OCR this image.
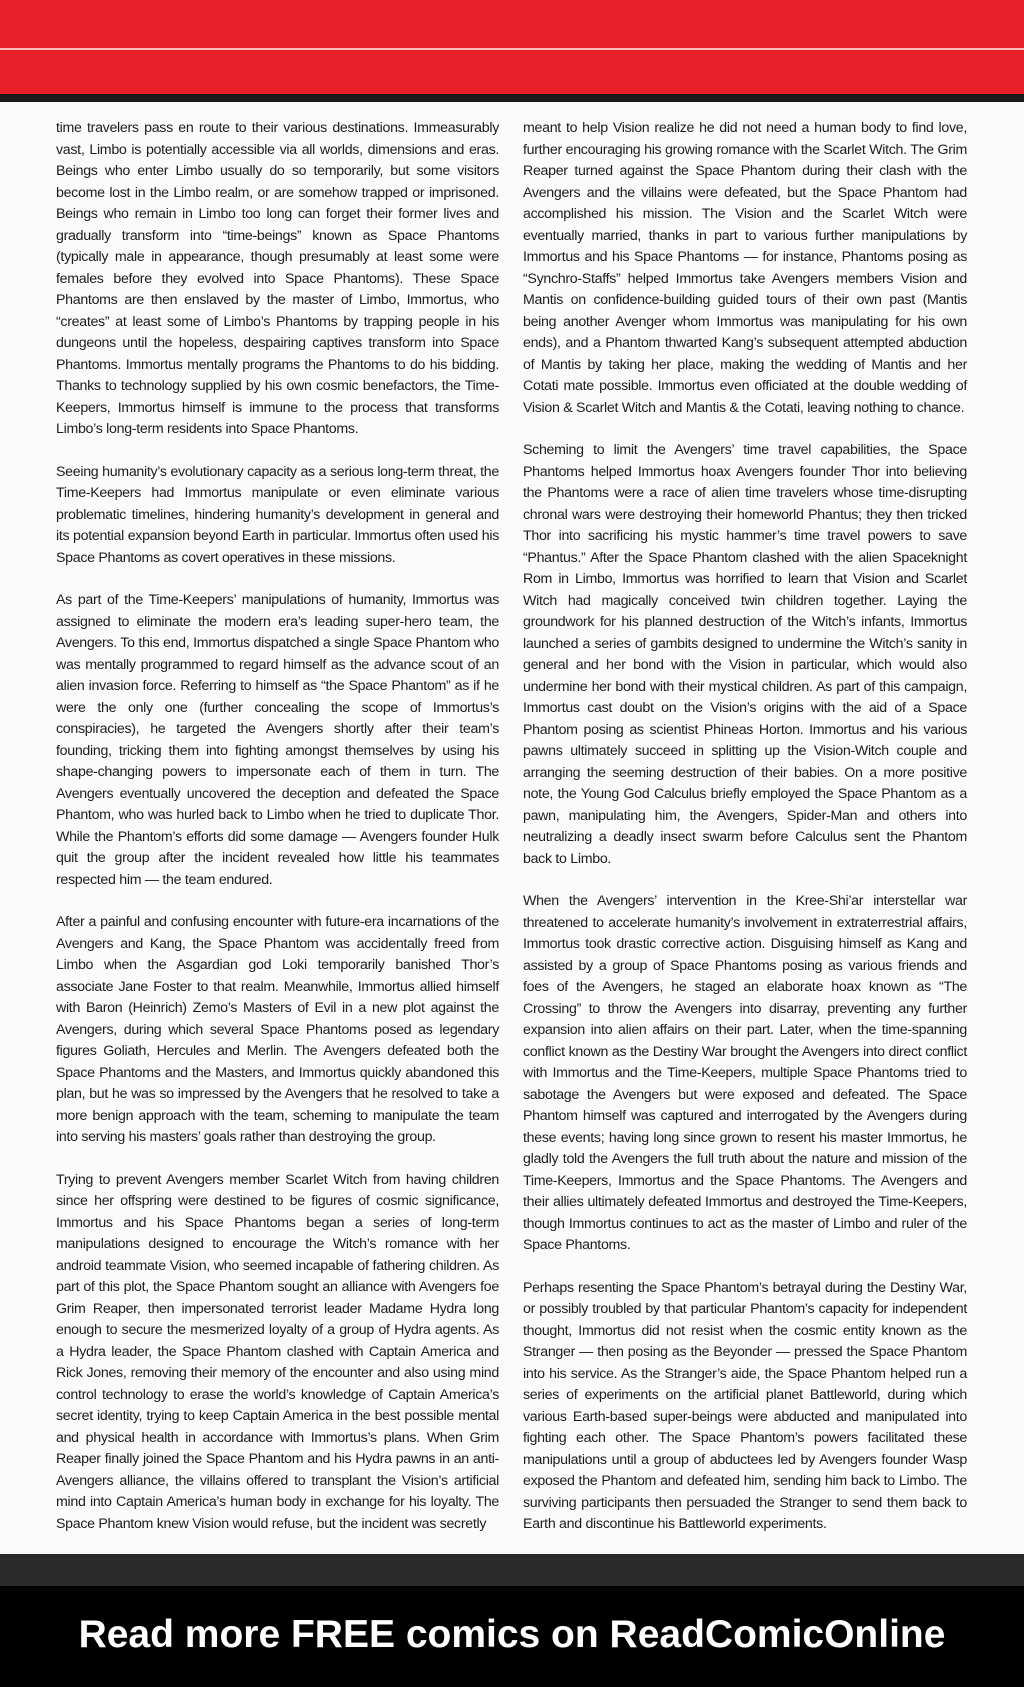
time travelers pass en route to their various destinations. Immeasurably vast, Limbo is potentially accessible via all worlds, dimensions and eras. Beings who enter Limbo usually do so temporarily, but some visitors become lost in the Limbo realm, or are somehow trapped or imprisoned. Beings who remain in Limbo too long can forget their former lives and gradually transform into “time-beings” known as Space Phantoms (typically male in appearance, though presumably at least some were females before they evolved into Space Phantoms). These Space Phantoms are then enslaved by the master of Limbo, Immortus, who “creates” at least some of Limbo’s Phantoms by trapping people in his dungeons until the hopeless, despairing captives transform into Space Phantoms. Immortus mentally programs the Phantoms to do his bidding. Thanks to technology supplied by his own cosmic benefactors, the Time-Keepers, Immortus himself is immune to the process that transforms Limbo’s long-term residents into Space Phantoms.

Seeing humanity’s evolutionary capacity as a serious long-term threat, the Time-Keepers had Immortus manipulate or even eliminate various problematic timelines, hindering humanity’s development in general and its potential expansion beyond Earth in particular. Immortus often used his Space Phantoms as covert operatives in these missions.

As part of the Time-Keepers’ manipulations of humanity, Immortus was assigned to eliminate the modern era’s leading super-hero team, the Avengers. To this end, Immortus dispatched a single Space Phantom who was mentally programmed to regard himself as the advance scout of an alien invasion force. Referring to himself as “the Space Phantom” as if he were the only one (further concealing the scope of Immortus’s conspiracies), he targeted the Avengers shortly after their team’s founding, tricking them into fighting amongst themselves by using his shape-changing powers to impersonate each of them in turn. The Avengers eventually uncovered the deception and defeated the Space Phantom, who was hurled back to Limbo when he tried to duplicate Thor. While the Phantom’s efforts did some damage — Avengers founder Hulk quit the group after the incident revealed how little his teammates respected him — the team endured.

After a painful and confusing encounter with future-era incarnations of the Avengers and Kang, the Space Phantom was accidentally freed from Limbo when the Asgardian god Loki temporarily banished Thor’s associate Jane Foster to that realm. Meanwhile, Immortus allied himself with Baron (Heinrich) Zemo’s Masters of Evil in a new plot against the Avengers, during which several Space Phantoms posed as legendary figures Goliath, Hercules and Merlin. The Avengers defeated both the Space Phantoms and the Masters, and Immortus quickly abandoned this plan, but he was so impressed by the Avengers that he resolved to take a more benign approach with the team, scheming to manipulate the team into serving his masters’ goals rather than destroying the group.

Trying to prevent Avengers member Scarlet Witch from having children since her offspring were destined to be figures of cosmic significance, Immortus and his Space Phantoms began a series of long-term manipulations designed to encourage the Witch’s romance with her android teammate Vision, who seemed incapable of fathering children. As part of this plot, the Space Phantom sought an alliance with Avengers foe Grim Reaper, then impersonated terrorist leader Madame Hydra long enough to secure the mesmerized loyalty of a group of Hydra agents. As a Hydra leader, the Space Phantom clashed with Captain America and Rick Jones, removing their memory of the encounter and also using mind control technology to erase the world’s knowledge of Captain America’s secret identity, trying to keep Captain America in the best possible mental and physical health in accordance with Immortus’s plans. When Grim Reaper finally joined the Space Phantom and his Hydra pawns in an anti-Avengers alliance, the villains offered to transplant the Vision’s artificial mind into Captain America’s human body in exchange for his loyalty. The Space Phantom knew Vision would refuse, but the incident was secretly

meant to help Vision realize he did not need a human body to find love, further encouraging his growing romance with the Scarlet Witch. The Grim Reaper turned against the Space Phantom during their clash with the Avengers and the villains were defeated, but the Space Phantom had accomplished his mission. The Vision and the Scarlet Witch were eventually married, thanks in part to various further manipulations by Immortus and his Space Phantoms — for instance, Phantoms posing as “Synchro-Staffs” helped Immortus take Avengers members Vision and Mantis on confidence-building guided tours of their own past (Mantis being another Avenger whom Immortus was manipulating for his own ends), and a Phantom thwarted Kang’s subsequent attempted abduction of Mantis by taking her place, making the wedding of Mantis and her Cotati mate possible. Immortus even officiated at the double wedding of Vision & Scarlet Witch and Mantis & the Cotati, leaving nothing to chance.

Scheming to limit the Avengers’ time travel capabilities, the Space Phantoms helped Immortus hoax Avengers founder Thor into believing the Phantoms were a race of alien time travelers whose time-disrupting chronal wars were destroying their homeworld Phantus; they then tricked Thor into sacrificing his mystic hammer’s time travel powers to save “Phantus.” After the Space Phantom clashed with the alien Spaceknight Rom in Limbo, Immortus was horrified to learn that Vision and Scarlet Witch had magically conceived twin children together. Laying the groundwork for his planned destruction of the Witch’s infants, Immortus launched a series of gambits designed to undermine the Witch’s sanity in general and her bond with the Vision in particular, which would also undermine her bond with their mystical children. As part of this campaign, Immortus cast doubt on the Vision’s origins with the aid of a Space Phantom posing as scientist Phineas Horton. Immortus and his various pawns ultimately succeed in splitting up the Vision-Witch couple and arranging the seeming destruction of their babies. On a more positive note, the Young God Calculus briefly employed the Space Phantom as a pawn, manipulating him, the Avengers, Spider-Man and others into neutralizing a deadly insect swarm before Calculus sent the Phantom back to Limbo.

When the Avengers’ intervention in the Kree-Shi’ar interstellar war threatened to accelerate humanity’s involvement in extraterrestrial affairs, Immortus took drastic corrective action. Disguising himself as Kang and assisted by a group of Space Phantoms posing as various friends and foes of the Avengers, he staged an elaborate hoax known as “The Crossing” to throw the Avengers into disarray, preventing any further expansion into alien affairs on their part. Later, when the time-spanning conflict known as the Destiny War brought the Avengers into direct conflict with Immortus and the Time-Keepers, multiple Space Phantoms tried to sabotage the Avengers but were exposed and defeated. The Space Phantom himself was captured and interrogated by the Avengers during these events; having long since grown to resent his master Immortus, he gladly told the Avengers the full truth about the nature and mission of the Time-Keepers, Immortus and the Space Phantoms. The Avengers and their allies ultimately defeated Immortus and destroyed the Time-Keepers, though Immortus continues to act as the master of Limbo and ruler of the Space Phantoms.

Perhaps resenting the Space Phantom’s betrayal during the Destiny War, or possibly troubled by that particular Phantom’s capacity for independent thought, Immortus did not resist when the cosmic entity known as the Stranger — then posing as the Beyonder — pressed the Space Phantom into his service. As the Stranger’s aide, the Space Phantom helped run a series of experiments on the artificial planet Battleworld, during which various Earth-based super-beings were abducted and manipulated into fighting each other. The Space Phantom’s powers facilitated these manipulations until a group of abductees led by Avengers founder Wasp exposed the Phantom and defeated him, sending him back to Limbo. The surviving participants then persuaded the Stranger to send them back to Earth and discontinue his Battleworld experiments.

Read more FREE comics on ReadComicOnline
